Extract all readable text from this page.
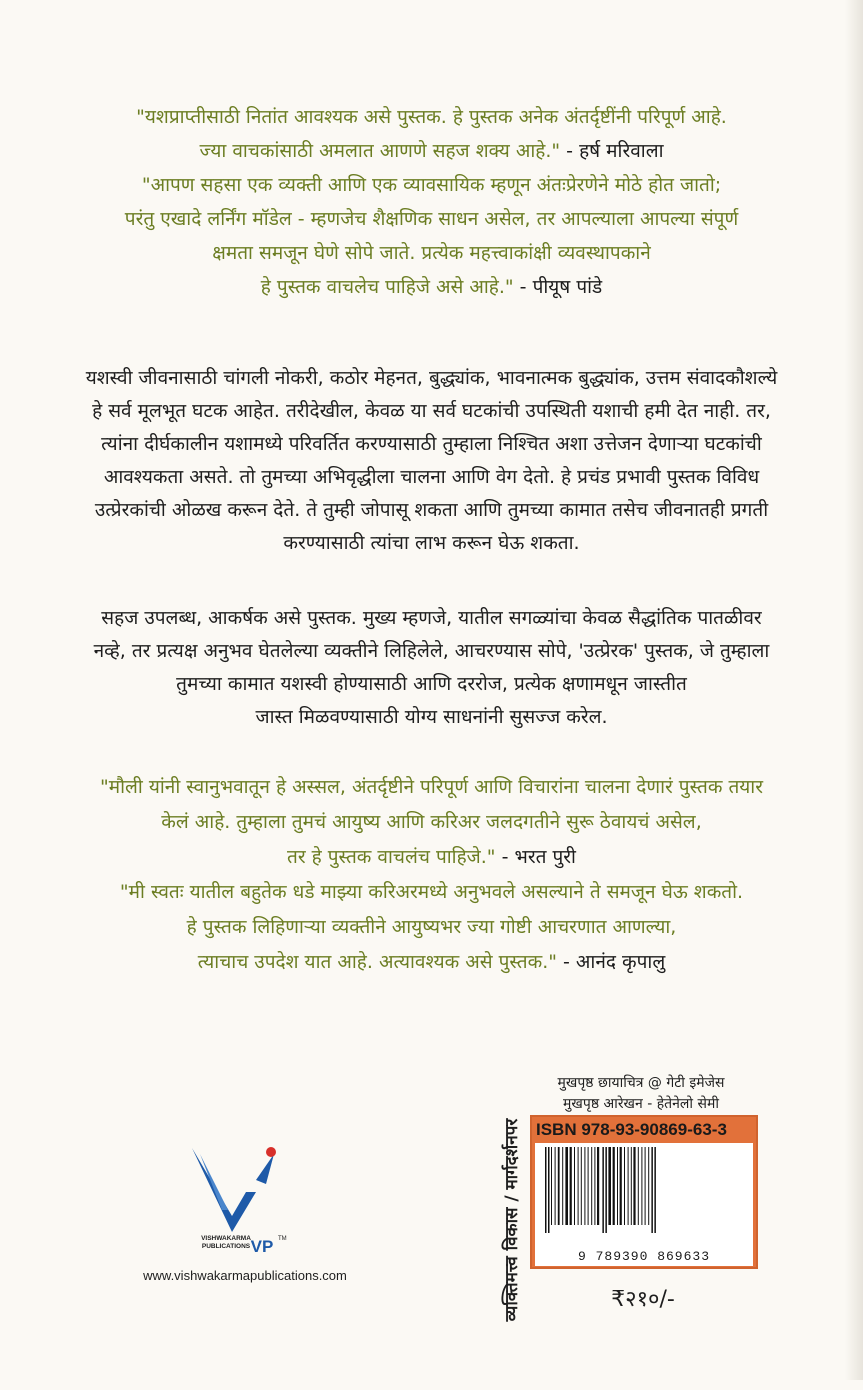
"यशप्राप्तीसाठी नितांत आवश्यक असे पुस्तक. हे पुस्तक अनेक अंतर्दृष्टींनी परिपूर्ण आहे.

ज्या वाचकांसाठी अमलात आणणे सहज शक्य आहे." - हर्ष मरिवाला

"आपण सहसा एक व्यक्ती आणि एक व्यावसायिक म्हणून अंतःप्रेरणेने मोठे होत जातो;

परंतु एखादे लर्निंग मॉडेल - म्हणजेच शैक्षणिक साधन असेल, तर आपल्याला आपल्या संपूर्ण

क्षमता समजून घेणे सोपे जाते. प्रत्येक महत्त्वाकांक्षी व्यवस्थापकाने

हे पुस्तक वाचलेच पाहिजे असे आहे." - पीयूष पांडे

यशस्वी जीवनासाठी चांगली नोकरी, कठोर मेहनत, बुद्ध्यांक, भावनात्मक बुद्ध्यांक, उत्तम संवादकौशल्ये

हे सर्व मूलभूत घटक आहेत. तरीदेखील, केवळ या सर्व घटकांची उपस्थिती यशाची हमी देत नाही. तर,

त्यांना दीर्घकालीन यशामध्ये परिवर्तित करण्यासाठी तुम्हाला निश्चित अशा उत्तेजन देणाऱ्या घटकांची

आवश्यकता असते. तो तुमच्या अभिवृद्धीला चालना आणि वेग देतो. हे प्रचंड प्रभावी पुस्तक विविध

उत्प्रेरकांची ओळख करून देते. ते तुम्ही जोपासू शकता आणि तुमच्या कामात तसेच जीवनातही प्रगती

करण्यासाठी त्यांचा लाभ करून घेऊ शकता.

सहज उपलब्ध, आकर्षक असे पुस्तक. मुख्य म्हणजे, यातील सगळ्यांचा केवळ सैद्धांतिक पातळीवर

नव्हे, तर प्रत्यक्ष अनुभव घेतलेल्या व्यक्तीने लिहिलेले, आचरण्यास सोपे, 'उत्प्रेरक' पुस्तक, जे तुम्हाला

तुमच्या कामात यशस्वी होण्यासाठी आणि दररोज, प्रत्येक क्षणामधून जास्तीत

जास्त मिळवण्यासाठी योग्य साधनांनी सुसज्ज करेल.

"मौली यांनी स्वानुभवातून हे अस्सल, अंतर्दृष्टीने परिपूर्ण आणि विचारांना चालना देणारं पुस्तक तयार

केलं आहे. तुम्हाला तुमचं आयुष्य आणि करिअर जलदगतीने सुरू ठेवायचं असेल,

तर हे पुस्तक वाचलंच पाहिजे." - भरत पुरी

"मी स्वतः यातील बहुतेक धडे माझ्या करिअरमध्ये अनुभवले असल्याने ते समजून घेऊ शकतो.

हे पुस्तक लिहिणाऱ्या व्यक्तीने आयुष्यभर ज्या गोष्टी आचरणात आणल्या,

त्याचाच उपदेश यात आहे. अत्यावश्यक असे पुस्तक." - आनंद कृपालु

VISHWAKARMA
PUBLICATIONS VP TM
www.vishwakarmapublications.com	व्यक्तिमत्त्व विकास / मार्गदर्शनपर

मुखपृष्ठ छायाचित्र @ गेटी इमेजेस

मुखपृष्ठ आरेखन - हेतेनेलो सेमी

ISBN 978-93-90869-63-3
9 789390 869633
₹२१०/-
